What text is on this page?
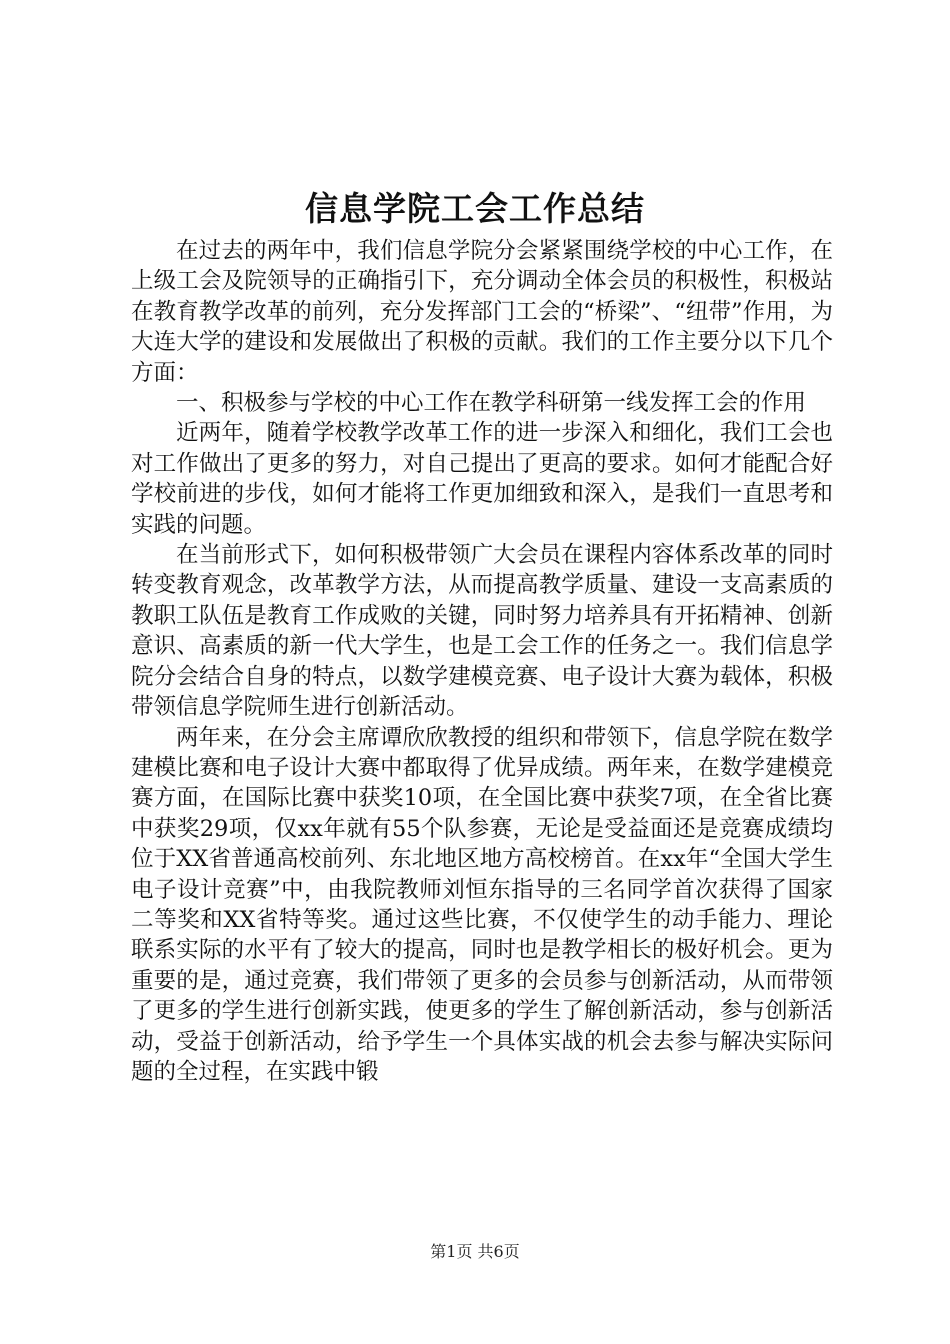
信息学院工会工作总结

在过去的两年中，我们信息学院分会紧紧围绕学校的中心工作，在上级工会及院领导的正确指引下，充分调动全体会员的积极性，积极站在教育教学改革的前列，充分发挥部门工会的“桥梁”、“纽带”作用，为大连大学的建设和发展做出了积极的贡献。我们的工作主要分以下几个方面：

一、积极参与学校的中心工作在教学科研第一线发挥工会的作用

近两年，随着学校教学改革工作的进一步深入和细化，我们工会也对工作做出了更多的努力，对自己提出了更高的要求。如何才能配合好学校前进的步伐，如何才能将工作更加细致和深入，是我们一直思考和实践的问题。

在当前形式下，如何积极带领广大会员在课程内容体系改革的同时转变教育观念，改革教学方法，从而提高教学质量、建设一支高素质的教职工队伍是教育工作成败的关键，同时努力培养具有开拓精神、创新意识、高素质的新一代大学生，也是工会工作的任务之一。我们信息学院分会结合自身的特点，以数学建模竞赛、电子设计大赛为载体，积极带领信息学院师生进行创新活动。

两年来，在分会主席谭欣欣教授的组织和带领下，信息学院在数学建模比赛和电子设计大赛中都取得了优异成绩。两年来，在数学建模竞赛方面，在国际比赛中获奖10项，在全国比赛中获奖7项，在全省比赛中获奖29项，仅xx年就有55个队参赛，无论是受益面还是竞赛成绩均位于XX省普通高校前列、东北地区地方高校榜首。在xx年“全国大学生电子设计竞赛”中，由我院教师刘恒东指导的三名同学首次获得了国家二等奖和XX省特等奖。通过这些比赛，不仅使学生的动手能力、理论联系实际的水平有了较大的提高，同时也是教学相长的极好机会。更为重要的是，通过竞赛，我们带领了更多的会员参与创新活动，从而带领了更多的学生进行创新实践，使更多的学生了解创新活动，参与创新活动，受益于创新活动，给予学生一个具体实战的机会去参与解决实际问题的全过程，在实践中锻

第1页 共6页
